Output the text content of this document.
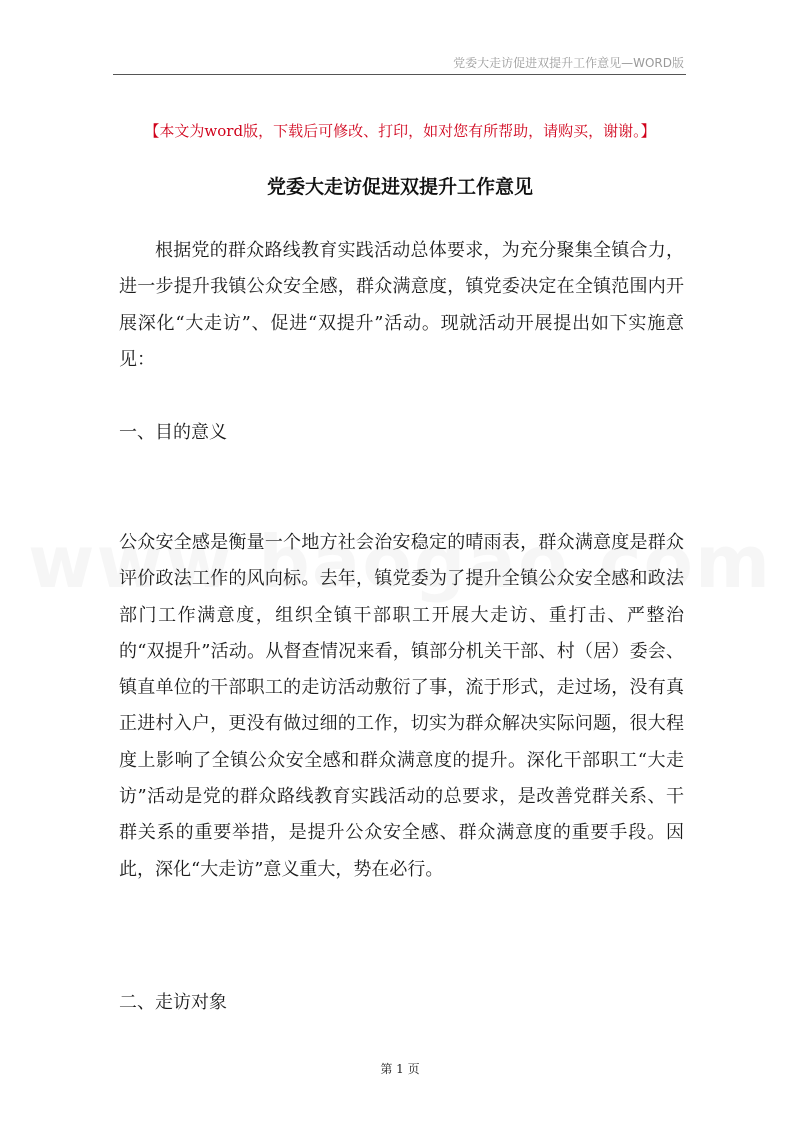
党委大走访促进双提升工作意见—WORD版
【本文为word版，下载后可修改、打印，如对您有所帮助，请购买，谢谢。】
党委大走访促进双提升工作意见

根据党的群众路线教育实践活动总体要求，为充分聚集全镇合力，进一步提升我镇公众安全感，群众满意度，镇党委决定在全镇范围内开展深化“大走访”、促进“双提升”活动。现就活动开展提出如下实施意见：

一、目的意义

公众安全感是衡量一个地方社会治安稳定的晴雨表，群众满意度是群众评价政法工作的风向标。去年，镇党委为了提升全镇公众安全感和政法部门工作满意度，组织全镇干部职工开展大走访、重打击、严整治的“双提升”活动。从督查情况来看，镇部分机关干部、村（居）委会、镇直单位的干部职工的走访活动敷衍了事，流于形式，走过场，没有真正进村入户，更没有做过细的工作，切实为群众解决实际问题，很大程度上影响了全镇公众安全感和群众满意度的提升。深化干部职工“大走访”活动是党的群众路线教育实践活动的总要求，是改善党群关系、干群关系的重要举措，是提升公众安全感、群众满意度的重要手段。因此，深化“大走访”意义重大，势在必行。

二、走访对象

第 1 页
